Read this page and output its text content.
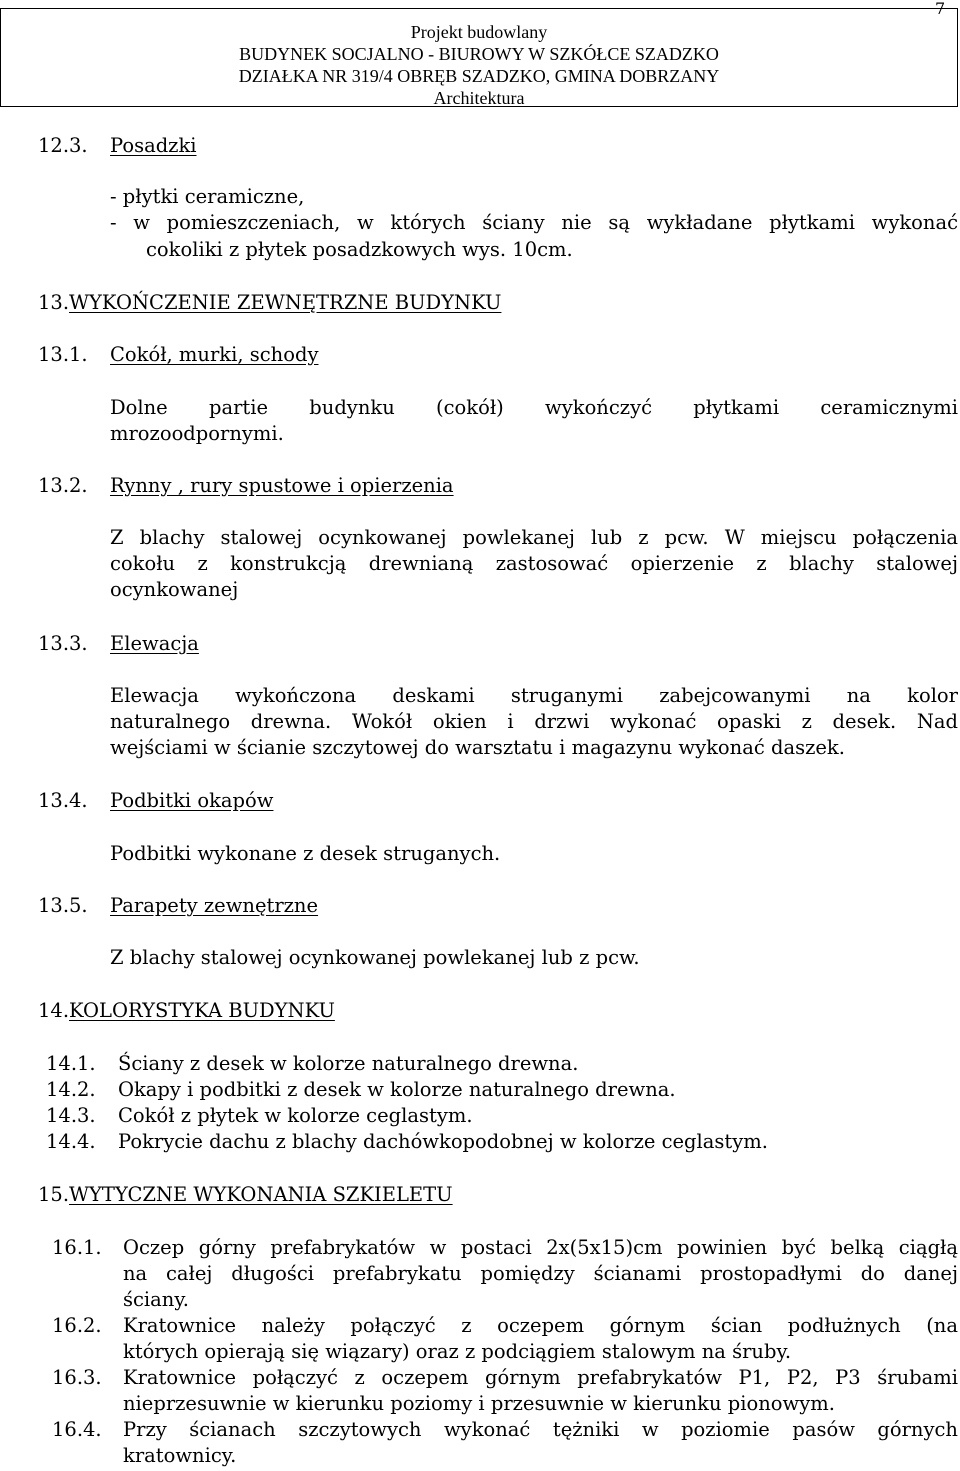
7
Projekt budowlany
BUDYNEK SOCJALNO - BIUROWY W SZKÓŁCE SZADZKO
DZIAŁKA NR 319/4 OBRĘB SZADZKO, GMINA DOBRZANY
Architektura
12.3. Posadzki
- płytki ceramiczne,
- w pomieszczeniach, w których ściany nie są wykładane płytkami wykonać
cokoliki z płytek posadzkowych wys. 10cm.
13.WYKOŃCZENIE ZEWNĘTRZNE BUDYNKU
13.1. Cokół, murki, schody
Dolne partie budynku (cokół) wykończyć płytkami ceramicznymi
mrozoodpornymi.
13.2. Rynny , rury spustowe i opierzenia
Z blachy stalowej ocynkowanej powlekanej lub z pcw. W miejscu połączenia
cokołu z konstrukcją drewnianą zastosować opierzenie z blachy stalowej
ocynkowanej
13.3. Elewacja
Elewacja wykończona deskami struganymi zabejcowanymi na kolor
naturalnego drewna. Wokół okien i drzwi wykonać opaski z desek. Nad
wejściami w ścianie szczytowej do warsztatu i magazynu wykonać daszek.
13.4. Podbitki okapów
Podbitki wykonane z desek struganych.
13.5. Parapety zewnętrzne
Z blachy stalowej ocynkowanej powlekanej lub z pcw.
14.KOLORYSTYKA BUDYNKU
14.1. Ściany z desek w kolorze naturalnego drewna.
14.2. Okapy i podbitki z desek w kolorze naturalnego drewna.
14.3. Cokół z płytek w kolorze ceglastym.
14.4. Pokrycie dachu z blachy dachówkopodobnej w kolorze ceglastym.
15.WYTYCZNE WYKONANIA SZKIELETU
16.1. Oczep górny prefabrykatów w postaci 2x(5x15)cm powinien być belką ciągłą
na całej długości prefabrykatu pomiędzy ścianami prostopadłymi do danej
ściany.
16.2. Kratownice należy połączyć z oczepem górnym ścian podłużnych (na
których opierają się wiązary) oraz z podciągiem stalowym na śruby.
16.3. Kratownice połączyć z oczepem górnym prefabrykatów P1, P2, P3 śrubami
nieprzesuwnie w kierunku poziomy i przesuwnie w kierunku pionowym.
16.4. Przy ścianach szczytowych wykonać tężniki w poziomie pasów górnych
kratownicy.
